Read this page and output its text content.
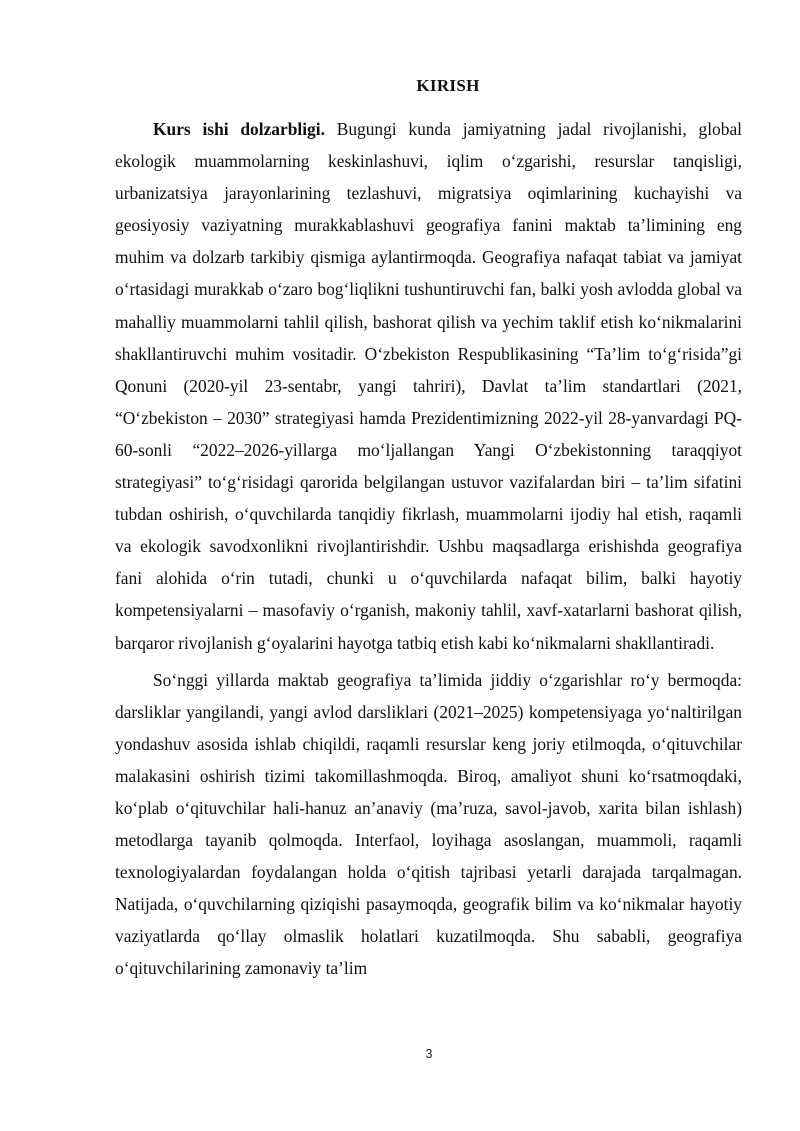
KIRISH

Kurs ishi dolzarbligi. Bugungi kunda jamiyatning jadal rivojlanishi, global ekologik muammolarning keskinlashuvi, iqlim o‘zgarishi, resurslar tanqisligi, urbanizatsiya jarayonlarining tezlashuvi, migratsiya oqimlarining kuchayishi va geosiyosiy vaziyatning murakkablashuvi geografiya fanini maktab ta’limining eng muhim va dolzarb tarkibiy qismiga aylantirmoqda. Geografiya nafaqat tabiat va jamiyat o‘rtasidagi murakkab o‘zaro bog‘liqlikni tushuntiruvchi fan, balki yosh avlodda global va mahalliy muammolarni tahlil qilish, bashorat qilish va yechim taklif etish ko‘nikmalarini shakllantiruvchi muhim vositadir. O‘zbekiston Respublikasining “Ta’lim to‘g‘risida”gi Qonuni (2020-yil 23-sentabr, yangi tahriri), Davlat ta’lim standartlari (2021, “O‘zbekiston – 2030” strategiyasi hamda Prezidentimizning 2022-yil 28-yanvardagi PQ-60-sonli “2022–2026-yillarga mo‘ljallangan Yangi O‘zbekistonning taraqqiyot strategiyasi” to‘g‘risidagi qarorida belgilangan ustuvor vazifalardan biri – ta’lim sifatini tubdan oshirish, o‘quvchilarda tanqidiy fikrlash, muammolarni ijodiy hal etish, raqamli va ekologik savodxonlikni rivojlantirishdir. Ushbu maqsadlarga erishishda geografiya fani alohida o‘rin tutadi, chunki u o‘quvchilarda nafaqat bilim, balki hayotiy kompetensiyalarni – masofaviy o‘rganish, makoniy tahlil, xavf-xatarlarni bashorat qilish, barqaror rivojlanish g‘oyalarini hayotga tatbiq etish kabi ko‘nikmalarni shakllantiradi.

So‘nggi yillarda maktab geografiya ta’limida jiddiy o‘zgarishlar ro‘y bermoqda: darsliklar yangilandi, yangi avlod darsliklari (2021–2025) kompetensiyaga yo‘naltirilgan yondashuv asosida ishlab chiqildi, raqamli resurslar keng joriy etilmoqda, o‘qituvchilar malakasini oshirish tizimi takomillashmoqda. Biroq, amaliyot shuni ko‘rsatmoqdaki, ko‘plab o‘qituvchilar hali-hanuz an’anaviy (ma’ruza, savol-javob, xarita bilan ishlash) metodlarga tayanib qolmoqda. Interfaol, loyihaga asoslangan, muammoli, raqamli texnologiyalardan foydalangan holda o‘qitish tajribasi yetarli darajada tarqalmagan. Natijada, o‘quvchilarning qiziqishi pasaymoqda, geografik bilim va ko‘nikmalar hayotiy vaziyatlarda qo‘llay olmaslik holatlari kuzatilmoqda. Shu sababli, geografiya o‘qituvchilarining zamonaviy ta’lim

3
